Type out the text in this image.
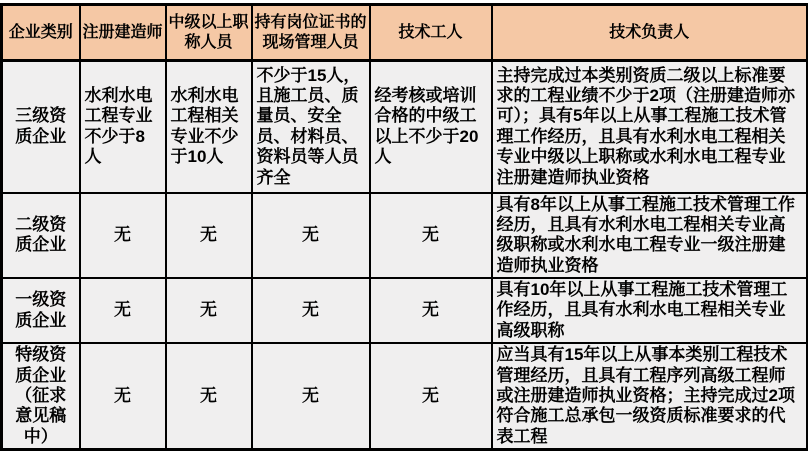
企业类别	注册建造师	中级以上职称人员	持有岗位证书的现场管理人员	技术工人	技术负责人
三级资质企业	水利水电工程专业不少于8人	水利水电工程相关专业不少于10人	不少于15人，且施工员、质量员、安全员、材料员、资料员等人员齐全	经考核或培训合格的中级工以上不少于20人	主持完成过本类别资质二级以上标准要求的工程业绩不少于2项（注册建造师亦可）；具有5年以上从事工程施工技术管理工作经历，且具有水利水电工程相关专业中级以上职称或水利水电工程专业注册建造师执业资格
二级资质企业	无	无	无	无	具有8年以上从事工程施工技术管理工作经历，且具有水利水电工程相关专业高级职称或水利水电工程专业一级注册建造师执业资格
一级资质企业	无	无	无	无	具有10年以上从事工程施工技术管理工作经历，且具有水利水电工程相关专业高级职称
特级资质企业（征求意见稿中）	无	无	无	无	应当具有15年以上从事本类别工程技术管理经历，且具有工程序列高级工程师或注册建造师执业资格；主持完成过2项符合施工总承包一级资质标准要求的代表工程
